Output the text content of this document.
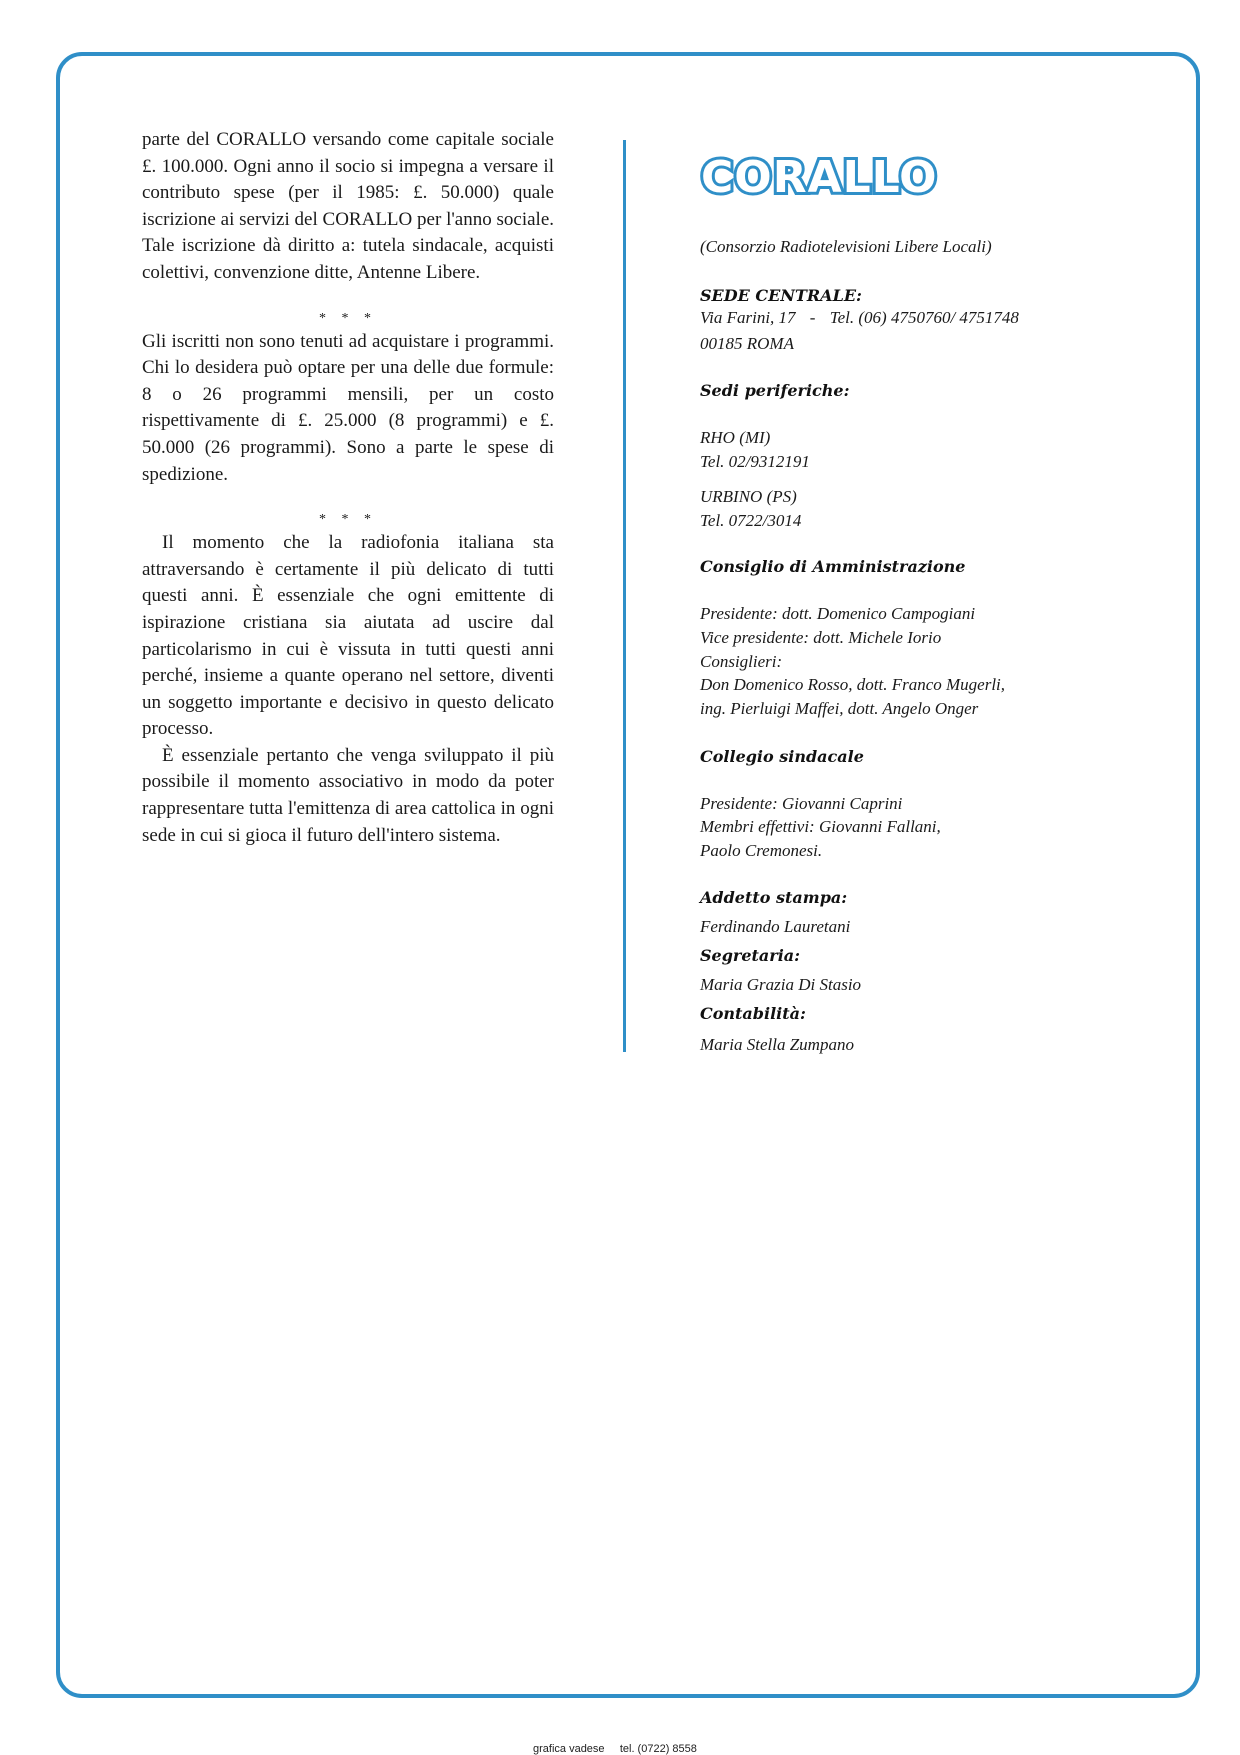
parte del CORALLO versando come capitale sociale £. 100.000. Ogni anno il socio si impegna a versare il contributo spese (per il 1985: £. 50.000) quale iscrizione ai servizi del CORALLO per l'anno sociale. Tale iscrizione dà diritto a: tutela sindacale, acquisti colettivi, convenzione ditte, Antenne Libere.

* * *

Gli iscritti non sono tenuti ad acquistare i programmi. Chi lo desidera può optare per una delle due formule: 8 o 26 programmi mensili, per un costo rispettivamente di £. 25.000 (8 programmi) e £. 50.000 (26 programmi). Sono a parte le spese di spedizione.

* * *

Il momento che la radiofonia italiana sta attraversando è certamente il più delicato di tutti questi anni. È essenziale che ogni emittente di ispirazione cristiana sia aiutata ad uscire dal particolarismo in cui è vissuta in tutti questi anni perché, insieme a quante operano nel settore, diventi un soggetto importante e decisivo in questo delicato processo.

È essenziale pertanto che venga sviluppato il più possibile il momento associativo in modo da poter rappresentare tutta l'emittenza di area cattolica in ogni sede in cui si gioca il futuro dell'intero sistema.

CORALLO
(Consorzio Radiotelevisioni Libere Locali)
SEDE CENTRALE:
Via Farini, 17 - Tel. (06) 4750760/ 4751748
00185 ROMA
Sedi periferiche:
RHO (MI)
Tel. 02/9312191
URBINO (PS)
Tel. 0722/3014
Consiglio di Amministrazione
Presidente: dott. Domenico Campogiani
Vice presidente: dott. Michele Iorio
Consiglieri:
Don Domenico Rosso, dott. Franco Mugerli,
ing. Pierluigi Maffei, dott. Angelo Onger
Collegio sindacale
Presidente: Giovanni Caprini
Membri effettivi: Giovanni Fallani,
Paolo Cremonesi.
Addetto stampa:
Ferdinando Lauretani
Segretaria:
Maria Grazia Di Stasio
Contabilità:
Maria Stella Zumpano
grafica vadese tel. (0722) 8558
